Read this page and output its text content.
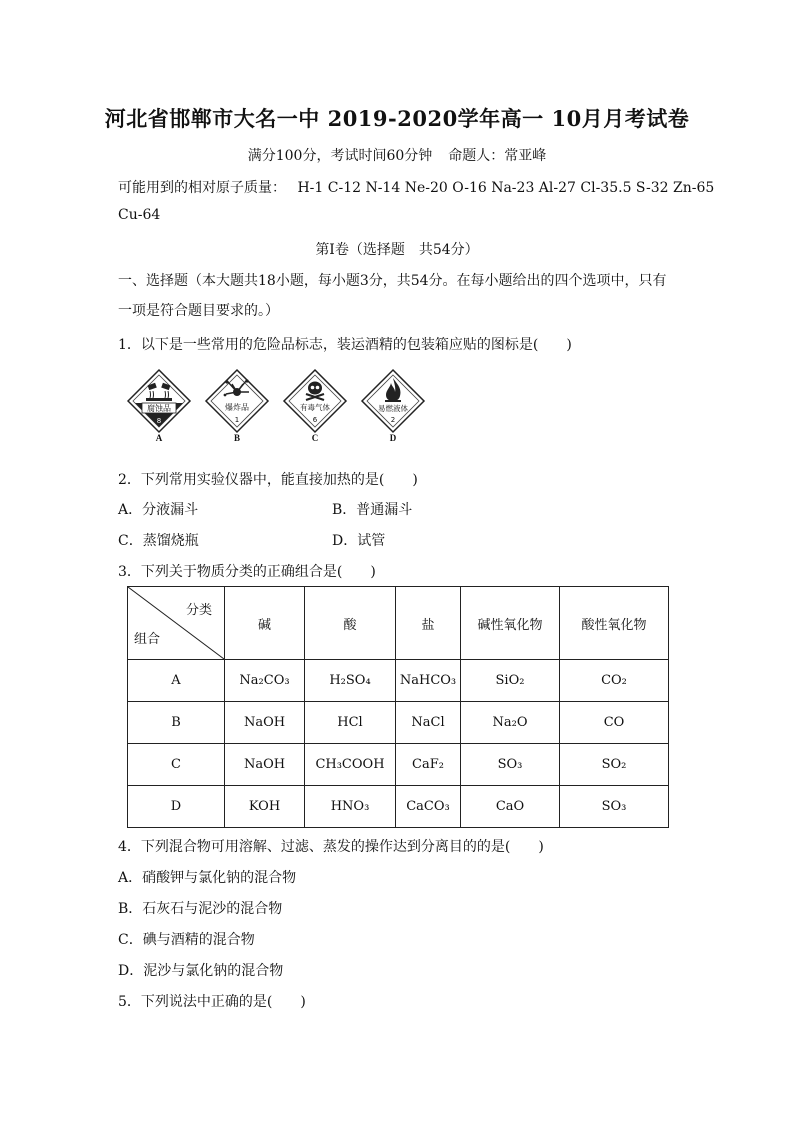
河北省邯郸市大名一中 2019-2020学年高一 10月月考试卷
满分100分，考试时间60分钟 命题人：常亚峰
可能用到的相对原子质量：　 H-1 C-12 N-14 Ne-20 O-16 Na-23 Al-27 Cl-35.5 S-32 Zn-65
Cu-64
第Ⅰ卷（选择题　共54分）
一、选择题（本大题共18小题，每小题3分，共54分。在每小题给出的四个选项中，只有
一项是符合题目要求的。）
1．以下是一些常用的危险品标志，装运酒精的包装箱应贴的图标是(　　)
腐蚀品
8
A
爆炸品
1
B
有毒气体
6
C
易燃液体
2
D
2．下列常用实验仪器中，能直接加热的是(　　)
A．分液漏斗	B．普通漏斗
C．蒸馏烧瓶	D．试管
3．下列关于物质分类的正确组合是(　　)
分类
组合	碱	酸	盐	碱性氧化物	酸性氧化物
A	Na₂CO₃	H₂SO₄	NaHCO₃	SiO₂	CO₂
B	NaOH	HCl	NaCl	Na₂O	CO
C	NaOH	CH₃COOH	CaF₂	SO₃	SO₂
D	KOH	HNO₃	CaCO₃	CaO	SO₃
4．下列混合物可用溶解、过滤、蒸发的操作达到分离目的的是(　　)
A．硝酸钾与氯化钠的混合物
B．石灰石与泥沙的混合物
C．碘与酒精的混合物
D．泥沙与氯化钠的混合物
5．下列说法中正确的是(　　)
